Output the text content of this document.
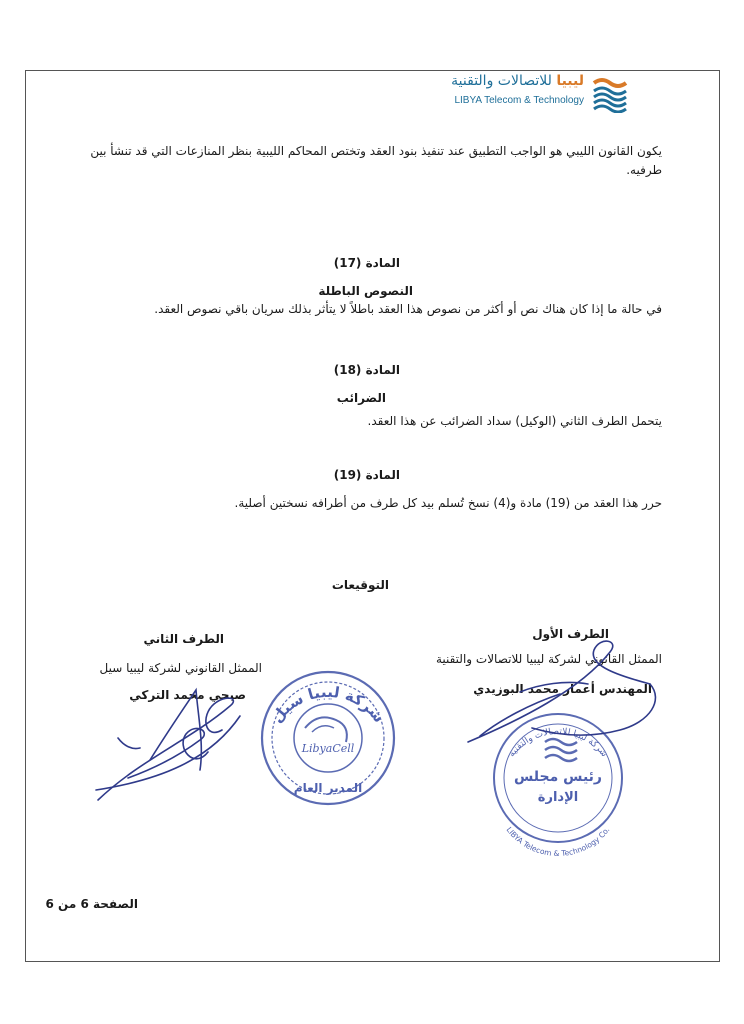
ليبيا للاتصالات والتقنية
LIBYA Telecom & Technology
يكون القانون الليبي هو الواجب التطبيق عند تنفيذ بنود العقد وتختص المحاكم الليبية بنظر المنازعات التي قد تنشأ بين
طرفيه.
المادة (17)
النصوص الباطلة
في حالة ما إذا كان هناك نص أو أكثر من نصوص هذا العقد باطلاً لا يتأثر بذلك سريان باقي نصوص العقد.
المادة (18)
الضرائب
يتحمل الطرف الثاني (الوكيل) سداد الضرائب عن هذا العقد.
المادة (19)
حرر هذا العقد من (19) مادة و(4) نسخ تُسلم بيد كل طرف من أطرافه نسختين أصلية.
التوقيعات
الطرف الأول
الممثل القانوني لشركة ليبيا للاتصالات والتقنية
المهندس أعمار محمد البوزيدي
الطرف الثاني
الممثل القانوني لشركة ليبيا سيل
صبحي محمد التركي
شركة ليبيا سيل
LibyaCell
المدير العام
شركة ليبيا للاتصالات والتقنية
رئيس مجلس
الإدارة
LIBYA Telecom & Technology Co.
الصفحة 6 من 6
